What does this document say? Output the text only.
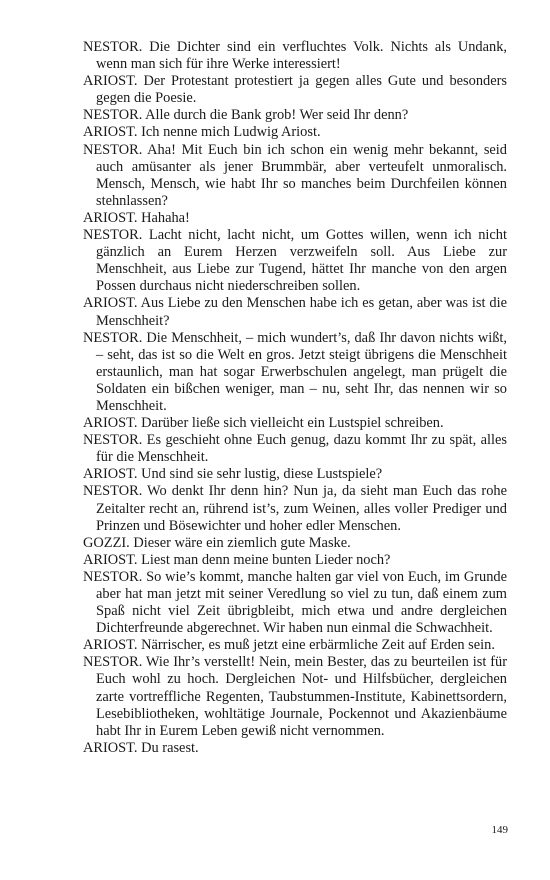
NESTOR. Die Dichter sind ein verfluchtes Volk. Nichts als Undank, wenn man sich für ihre Werke interessiert!

ARIOST. Der Protestant protestiert ja gegen alles Gute und besonders gegen die Poesie.

NESTOR. Alle durch die Bank grob! Wer seid Ihr denn?

ARIOST. Ich nenne mich Ludwig Ariost.

NESTOR. Aha! Mit Euch bin ich schon ein wenig mehr bekannt, seid auch amüsanter als jener Brummbär, aber verteufelt unmoralisch. Mensch, Mensch, wie habt Ihr so manches beim Durchfeilen können stehnlassen?

ARIOST. Hahaha!

NESTOR. Lacht nicht, lacht nicht, um Gottes willen, wenn ich nicht gänzlich an Eurem Herzen verzweifeln soll. Aus Liebe zur Menschheit, aus Liebe zur Tugend, hättet Ihr manche von den argen Possen durchaus nicht niederschreiben sollen.

ARIOST. Aus Liebe zu den Menschen habe ich es getan, aber was ist die Menschheit?

NESTOR. Die Menschheit, – mich wundert’s, daß Ihr davon nichts wißt, – seht, das ist so die Welt en gros. Jetzt steigt übrigens die Menschheit erstaunlich, man hat sogar Erwerbschulen angelegt, man prügelt die Soldaten ein bißchen weniger, man – nu, seht Ihr, das nennen wir so Menschheit.

ARIOST. Darüber ließe sich vielleicht ein Lustspiel schreiben.

NESTOR. Es geschieht ohne Euch genug, dazu kommt Ihr zu spät, alles für die Menschheit.

ARIOST. Und sind sie sehr lustig, diese Lustspiele?

NESTOR. Wo denkt Ihr denn hin? Nun ja, da sieht man Euch das rohe Zeitalter recht an, rührend ist’s, zum Weinen, alles voller Prediger und Prinzen und Bösewichter und hoher edler Menschen.

GOZZI. Dieser wäre ein ziemlich gute Maske.

ARIOST. Liest man denn meine bunten Lieder noch?

NESTOR. So wie’s kommt, manche halten gar viel von Euch, im Grunde aber hat man jetzt mit seiner Veredlung so viel zu tun, daß einem zum Spaß nicht viel Zeit übrigbleibt, mich etwa und andre dergleichen Dichterfreunde abgerechnet. Wir haben nun einmal die Schwachheit.

ARIOST. Närrischer, es muß jetzt eine erbärmliche Zeit auf Erden sein.

NESTOR. Wie Ihr’s verstellt! Nein, mein Bester, das zu beurteilen ist für Euch wohl zu hoch. Dergleichen Not- und Hilfsbücher, dergleichen zarte vortreffliche Regenten, Taubstummen-Institute, Kabinettsordern, Lesebibliotheken, wohltätige Journale, Pockennot und Akazienbäume habt Ihr in Eurem Leben gewiß nicht vernommen.

ARIOST. Du rasest.

149
